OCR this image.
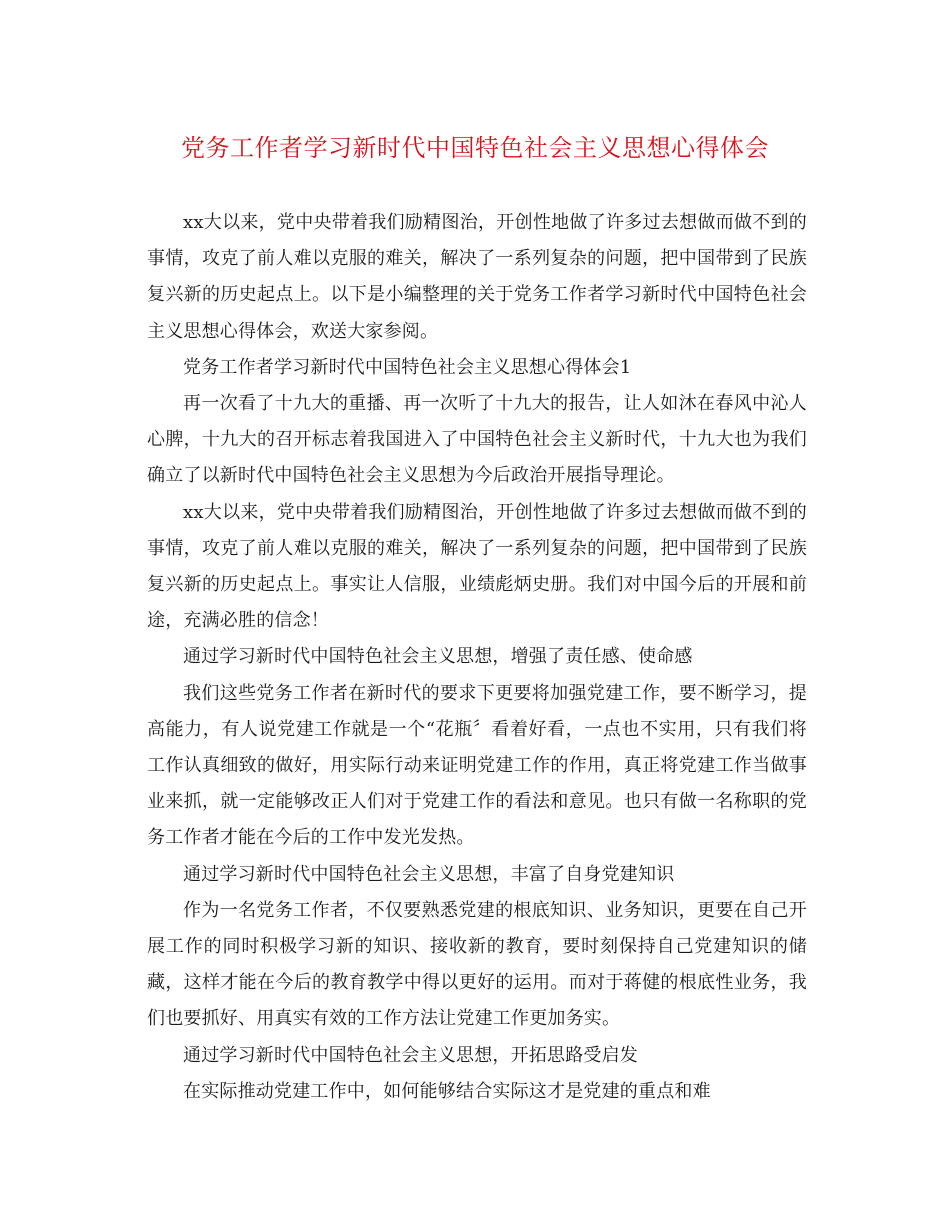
党务工作者学习新时代中国特色社会主义思想心得体会

xx大以来，党中央带着我们励精图治，开创性地做了许多过去想做而做不到的事情，攻克了前人难以克服的难关，解决了一系列复杂的问题，把中国带到了民族复兴新的历史起点上。以下是小编整理的关于党务工作者学习新时代中国特色社会主义思想心得体会，欢送大家参阅。

党务工作者学习新时代中国特色社会主义思想心得体会1

再一次看了十九大的重播、再一次听了十九大的报告，让人如沐在春风中沁人心脾，十九大的召开标志着我国进入了中国特色社会主义新时代，十九大也为我们确立了以新时代中国特色社会主义思想为今后政治开展指导理论。

xx大以来，党中央带着我们励精图治，开创性地做了许多过去想做而做不到的事情，攻克了前人难以克服的难关，解决了一系列复杂的问题，把中国带到了民族复兴新的历史起点上。事实让人信服，业绩彪炳史册。我们对中国今后的开展和前途，充满必胜的信念！

通过学习新时代中国特色社会主义思想，增强了责任感、使命感

我们这些党务工作者在新时代的要求下更要将加强党建工作，要不断学习，提高能力，有人说党建工作就是一个“花瓶〞看着好看，一点也不实用，只有我们将工作认真细致的做好，用实际行动来证明党建工作的作用，真正将党建工作当做事业来抓，就一定能够改正人们对于党建工作的看法和意见。也只有做一名称职的党务工作者才能在今后的工作中发光发热。

通过学习新时代中国特色社会主义思想，丰富了自身党建知识

作为一名党务工作者，不仅要熟悉党建的根底知识、业务知识，更要在自己开展工作的同时积极学习新的知识、接收新的教育，要时刻保持自己党建知识的储藏，这样才能在今后的教育教学中得以更好的运用。而对于蒋健的根底性业务，我们也要抓好、用真实有效的工作方法让党建工作更加务实。

通过学习新时代中国特色社会主义思想，开拓思路受启发

在实际推动党建工作中，如何能够结合实际这才是党建的重点和难
